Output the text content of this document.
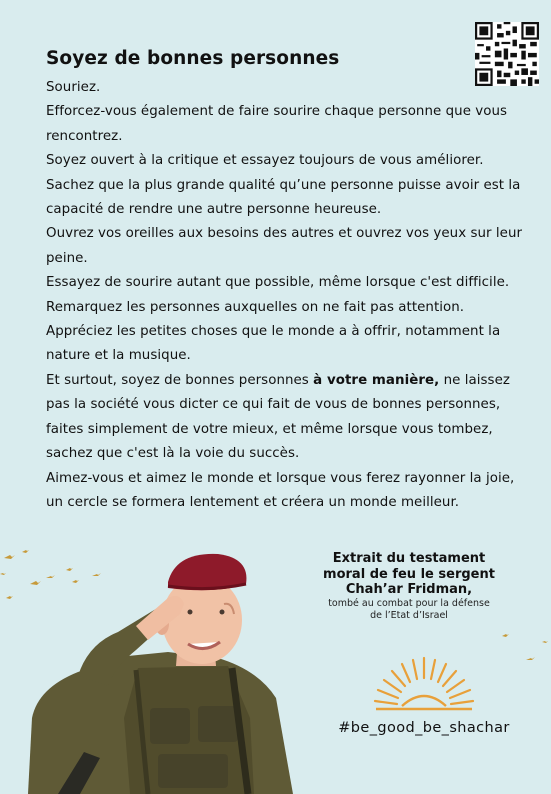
Soyez de bonnes personnes

Souriez.

Efforcez-vous également de faire sourire chaque personne que vous rencontrez.

Soyez ouvert à la critique et essayez toujours de vous améliorer.

Sachez que la plus grande qualité qu’une personne puisse avoir est la capacité de rendre une autre personne heureuse.

Ouvrez vos oreilles aux besoins des autres et ouvrez vos yeux sur leur peine.

Essayez de sourire autant que possible, même lorsque c'est difficile.

Remarquez les personnes auxquelles on ne fait pas attention.

Appréciez les petites choses que le monde a à offrir, notamment la nature et la musique.

Et surtout, soyez de bonnes personnes à votre manière, ne laissez pas la société vous dicter ce qui fait de vous de bonnes personnes, faites simplement de votre mieux, et même lorsque vous tombez, sachez que c'est là la voie du succès.

Aimez-vous et aimez le monde et lorsque vous ferez rayonner la joie, un cercle se formera lentement et créera un monde meilleur.

Extrait du testament
moral de feu le sergent
Chah’ar Fridman,
tombé au combat pour la défense
de l’Etat d’Israel
#be_good_be_shachar
